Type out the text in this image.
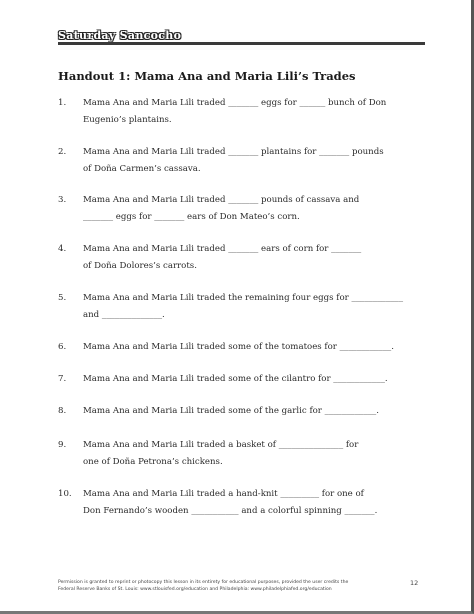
Saturday Sancocho
Handout 1: Mama Ana and Maria Lili’s Trades
1. Mama Ana and Maria Lili traded _______ eggs for ______ bunch of Don
Eugenio’s plantains.
2. Mama Ana and Maria Lili traded _______ plantains for _______ pounds
of Doña Carmen’s cassava.
3. Mama Ana and Maria Lili traded _______ pounds of cassava and
_______ eggs for _______ ears of Don Mateo’s corn.
4. Mama Ana and Maria Lili traded _______ ears of corn for _______
of Doña Dolores’s carrots.
5. Mama Ana and Maria Lili traded the remaining four eggs for ____________
and ______________.
6. Mama Ana and Maria Lili traded some of the tomatoes for ____________.
7. Mama Ana and Maria Lili traded some of the cilantro for ____________.
8. Mama Ana and Maria Lili traded some of the garlic for ____________.
9. Mama Ana and Maria Lili traded a basket of _______________ for
one of Doña Petrona’s chickens.
10. Mama Ana and Maria Lili traded a hand-knit _________ for one of
Don Fernando’s wooden ___________ and a colorful spinning _______.
Permission is granted to reprint or photocopy this lesson in its entirety for educational purposes, provided the user credits the
Federal Reserve Banks of St. Louis: www.stlouisfed.org/education and Philadelphia: www.philadelphiafed.org/education
12
